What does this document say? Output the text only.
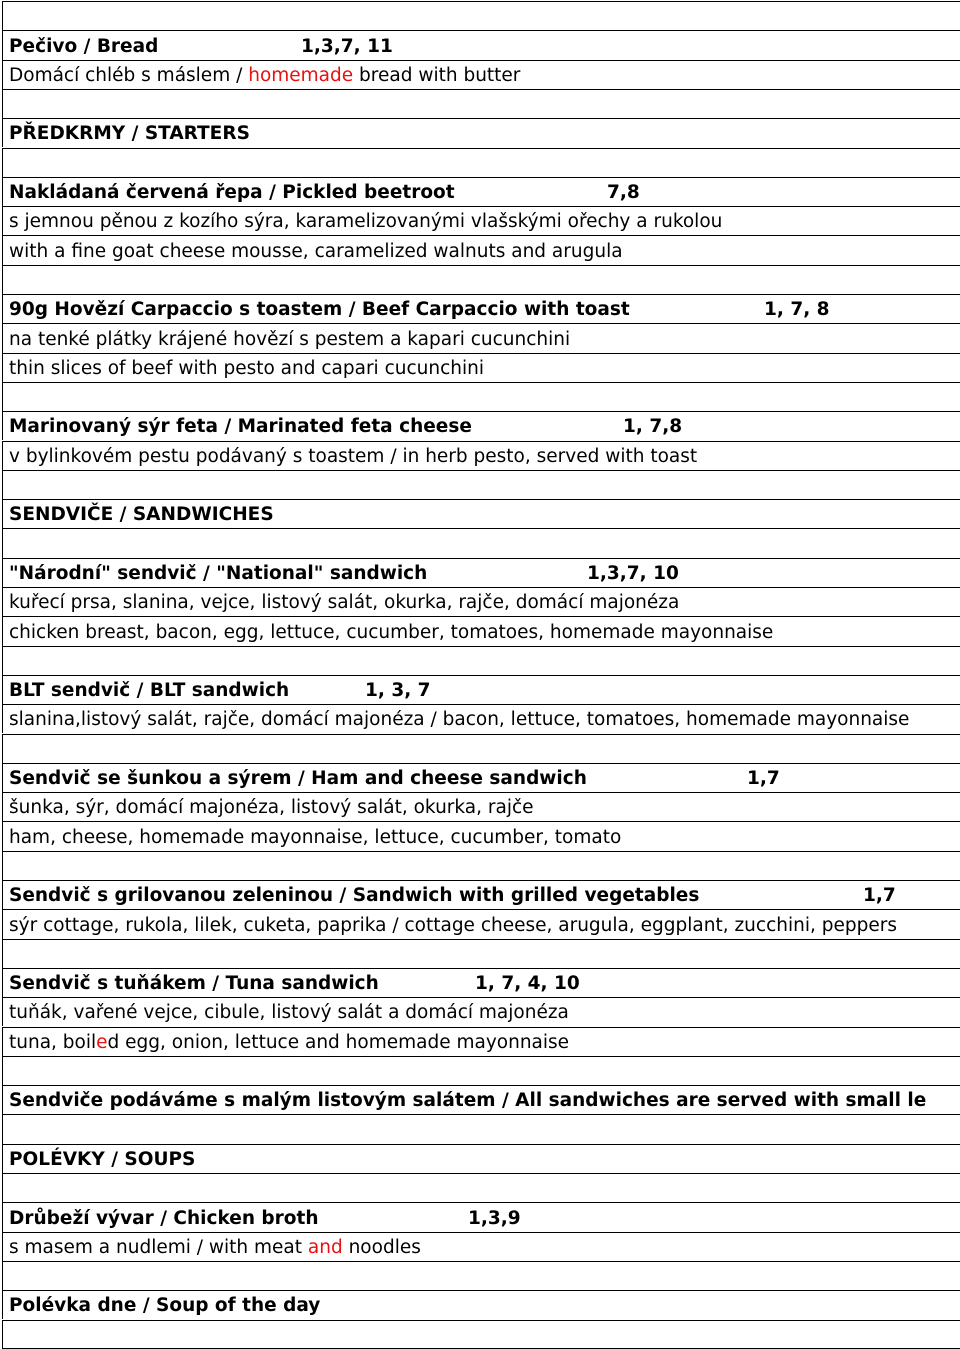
Pečivo / Bread	1,3,7, 11
Domácí chléb s máslem / homemade bread with butter
PŘEDKRMY / STARTERS
Nakládaná červená řepa / Pickled beetroot	7,8
s jemnou pěnou z kozího sýra, karamelizovanými vlašskými ořechy a rukolou
with a fine goat cheese mousse, caramelized walnuts and arugula
90g Hovězí Carpaccio s toastem / Beef Carpaccio with toast	1, 7, 8
na tenké plátky krájené hovězí s pestem a kapari cucunchini
thin slices of beef with pesto and capari cucunchini
Marinovaný sýr feta / Marinated feta cheese	1, 7,8
v bylinkovém pestu podávaný s toastem / in herb pesto, served with toast
SENDVIČE / SANDWICHES
"Národní" sendvič / "National" sandwich	1,3,7, 10
kuřecí prsa, slanina, vejce, listový salát, okurka, rajče, domácí majonéza
chicken breast, bacon, egg, lettuce, cucumber, tomatoes, homemade mayonnaise
BLT sendvič / BLT sandwich	1, 3, 7
slanina,listový salát, rajče, domácí majonéza / bacon, lettuce, tomatoes, homemade mayonnaise
Sendvič se šunkou a sýrem / Ham and cheese sandwich	1,7
šunka, sýr, domácí majonéza, listový salát, okurka, rajče
ham, cheese, homemade mayonnaise, lettuce, cucumber, tomato
Sendvič s grilovanou zeleninou / Sandwich with grilled vegetables	1,7
sýr cottage, rukola, lilek, cuketa, paprika / cottage cheese, arugula, eggplant, zucchini, peppers
Sendvič s tuňákem / Tuna sandwich	1, 7, 4, 10
tuňák, vařené vejce, cibule, listový salát a domácí majonéza
tuna, boiled egg, onion, lettuce and homemade mayonnaise
Sendviče podáváme s malým listovým salátem / All sandwiches are served with small le
POLÉVKY / SOUPS
Drůbeží vývar / Chicken broth	1,3,9
s masem a nudlemi / with meat and noodles
Polévka dne / Soup of the day
